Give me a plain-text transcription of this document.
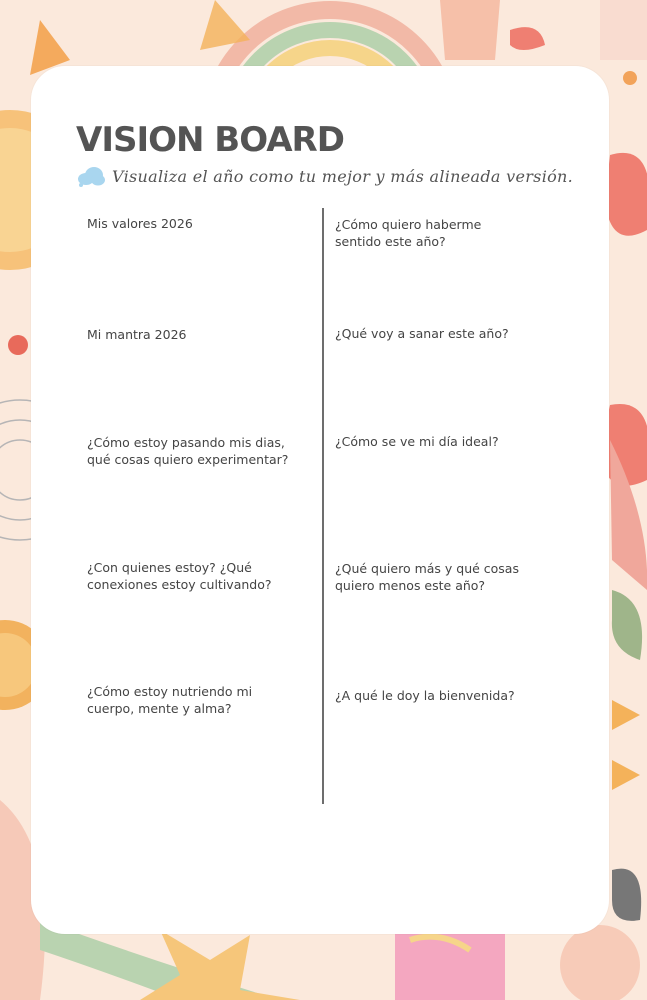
VISION BOARD
Visualiza el año como tu mejor y más alineada versión.

Mis valores 2026

Mi mantra 2026

¿Cómo estoy pasando mis dias, qué cosas quiero experimentar?

¿Con quienes estoy? ¿Qué conexiones estoy cultivando?

¿Cómo estoy nutriendo mi cuerpo, mente y alma?

¿Cómo quiero haberme sentido este año?

¿Qué voy a sanar este año?

¿Cómo se ve mi día ideal?

¿Qué quiero más y qué cosas quiero menos este año?

¿A qué le doy la bienvenida?
